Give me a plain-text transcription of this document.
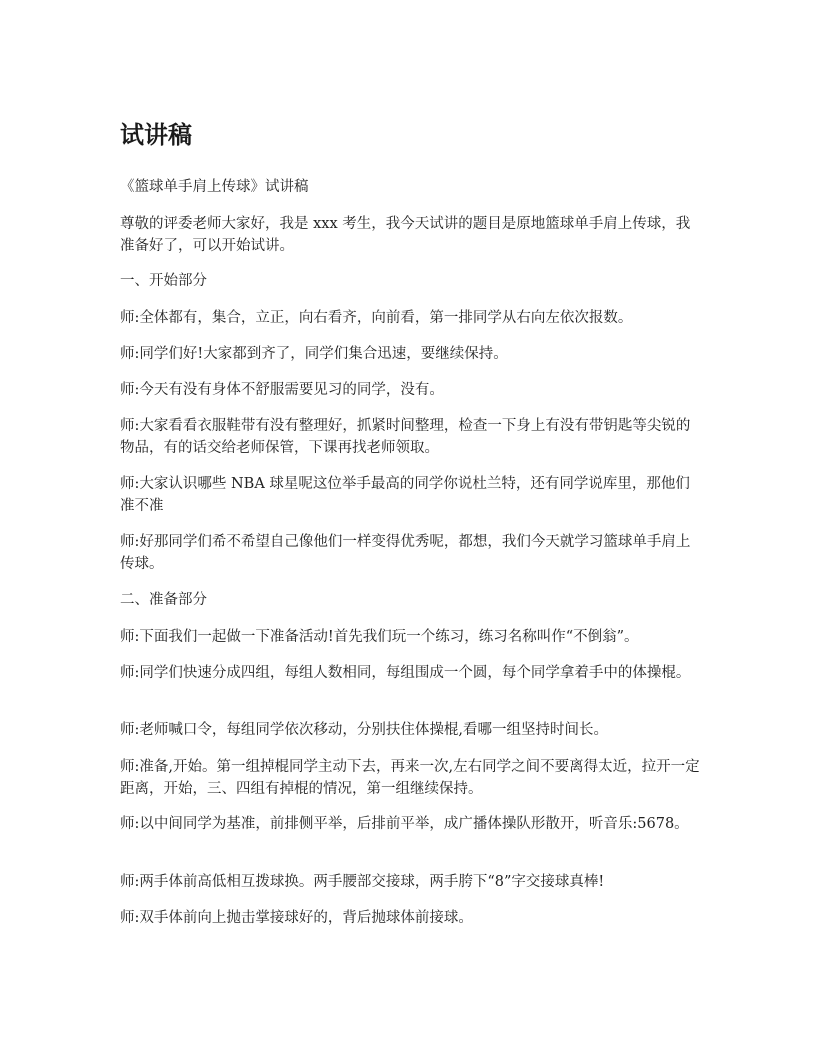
试讲稿

《篮球单手肩上传球》试讲稿

尊敬的评委老师大家好，我是 xxx 考生，我今天试讲的题目是原地篮球单手肩上传球，我准备好了，可以开始试讲。

一、开始部分

师:全体都有，集合，立正，向右看齐，向前看，第一排同学从右向左依次报数。

师:同学们好!大家都到齐了，同学们集合迅速，要继续保持。

师:今天有没有身体不舒服需要见习的同学，没有。

师:大家看看衣服鞋带有没有整理好，抓紧时间整理，检查一下身上有没有带钥匙等尖锐的物品，有的话交给老师保管，下课再找老师领取。

师:大家认识哪些 NBA 球星呢这位举手最高的同学你说杜兰特，还有同学说库里，那他们准不准

师:好那同学们希不希望自己像他们一样变得优秀呢，都想，我们今天就学习篮球单手肩上传球。

二、准备部分

师:下面我们一起做一下准备活动!首先我们玩一个练习，练习名称叫作“不倒翁”。

师:同学们快速分成四组，每组人数相同，每组围成一个圆，每个同学拿着手中的体操棍。

师:老师喊口令，每组同学依次移动，分别扶住体操棍,看哪一组坚持时间长。

师:准备,开始。第一组掉棍同学主动下去，再来一次,左右同学之间不要离得太近，拉开一定距离，开始，三、四组有掉棍的情况，第一组继续保持。

师:以中间同学为基准，前排侧平举，后排前平举，成广播体操队形散开，听音乐:5678。

师:两手体前高低相互拨球换。两手腰部交接球，两手胯下“8”字交接球真棒!

师:双手体前向上抛击掌接球好的，背后抛球体前接球。
